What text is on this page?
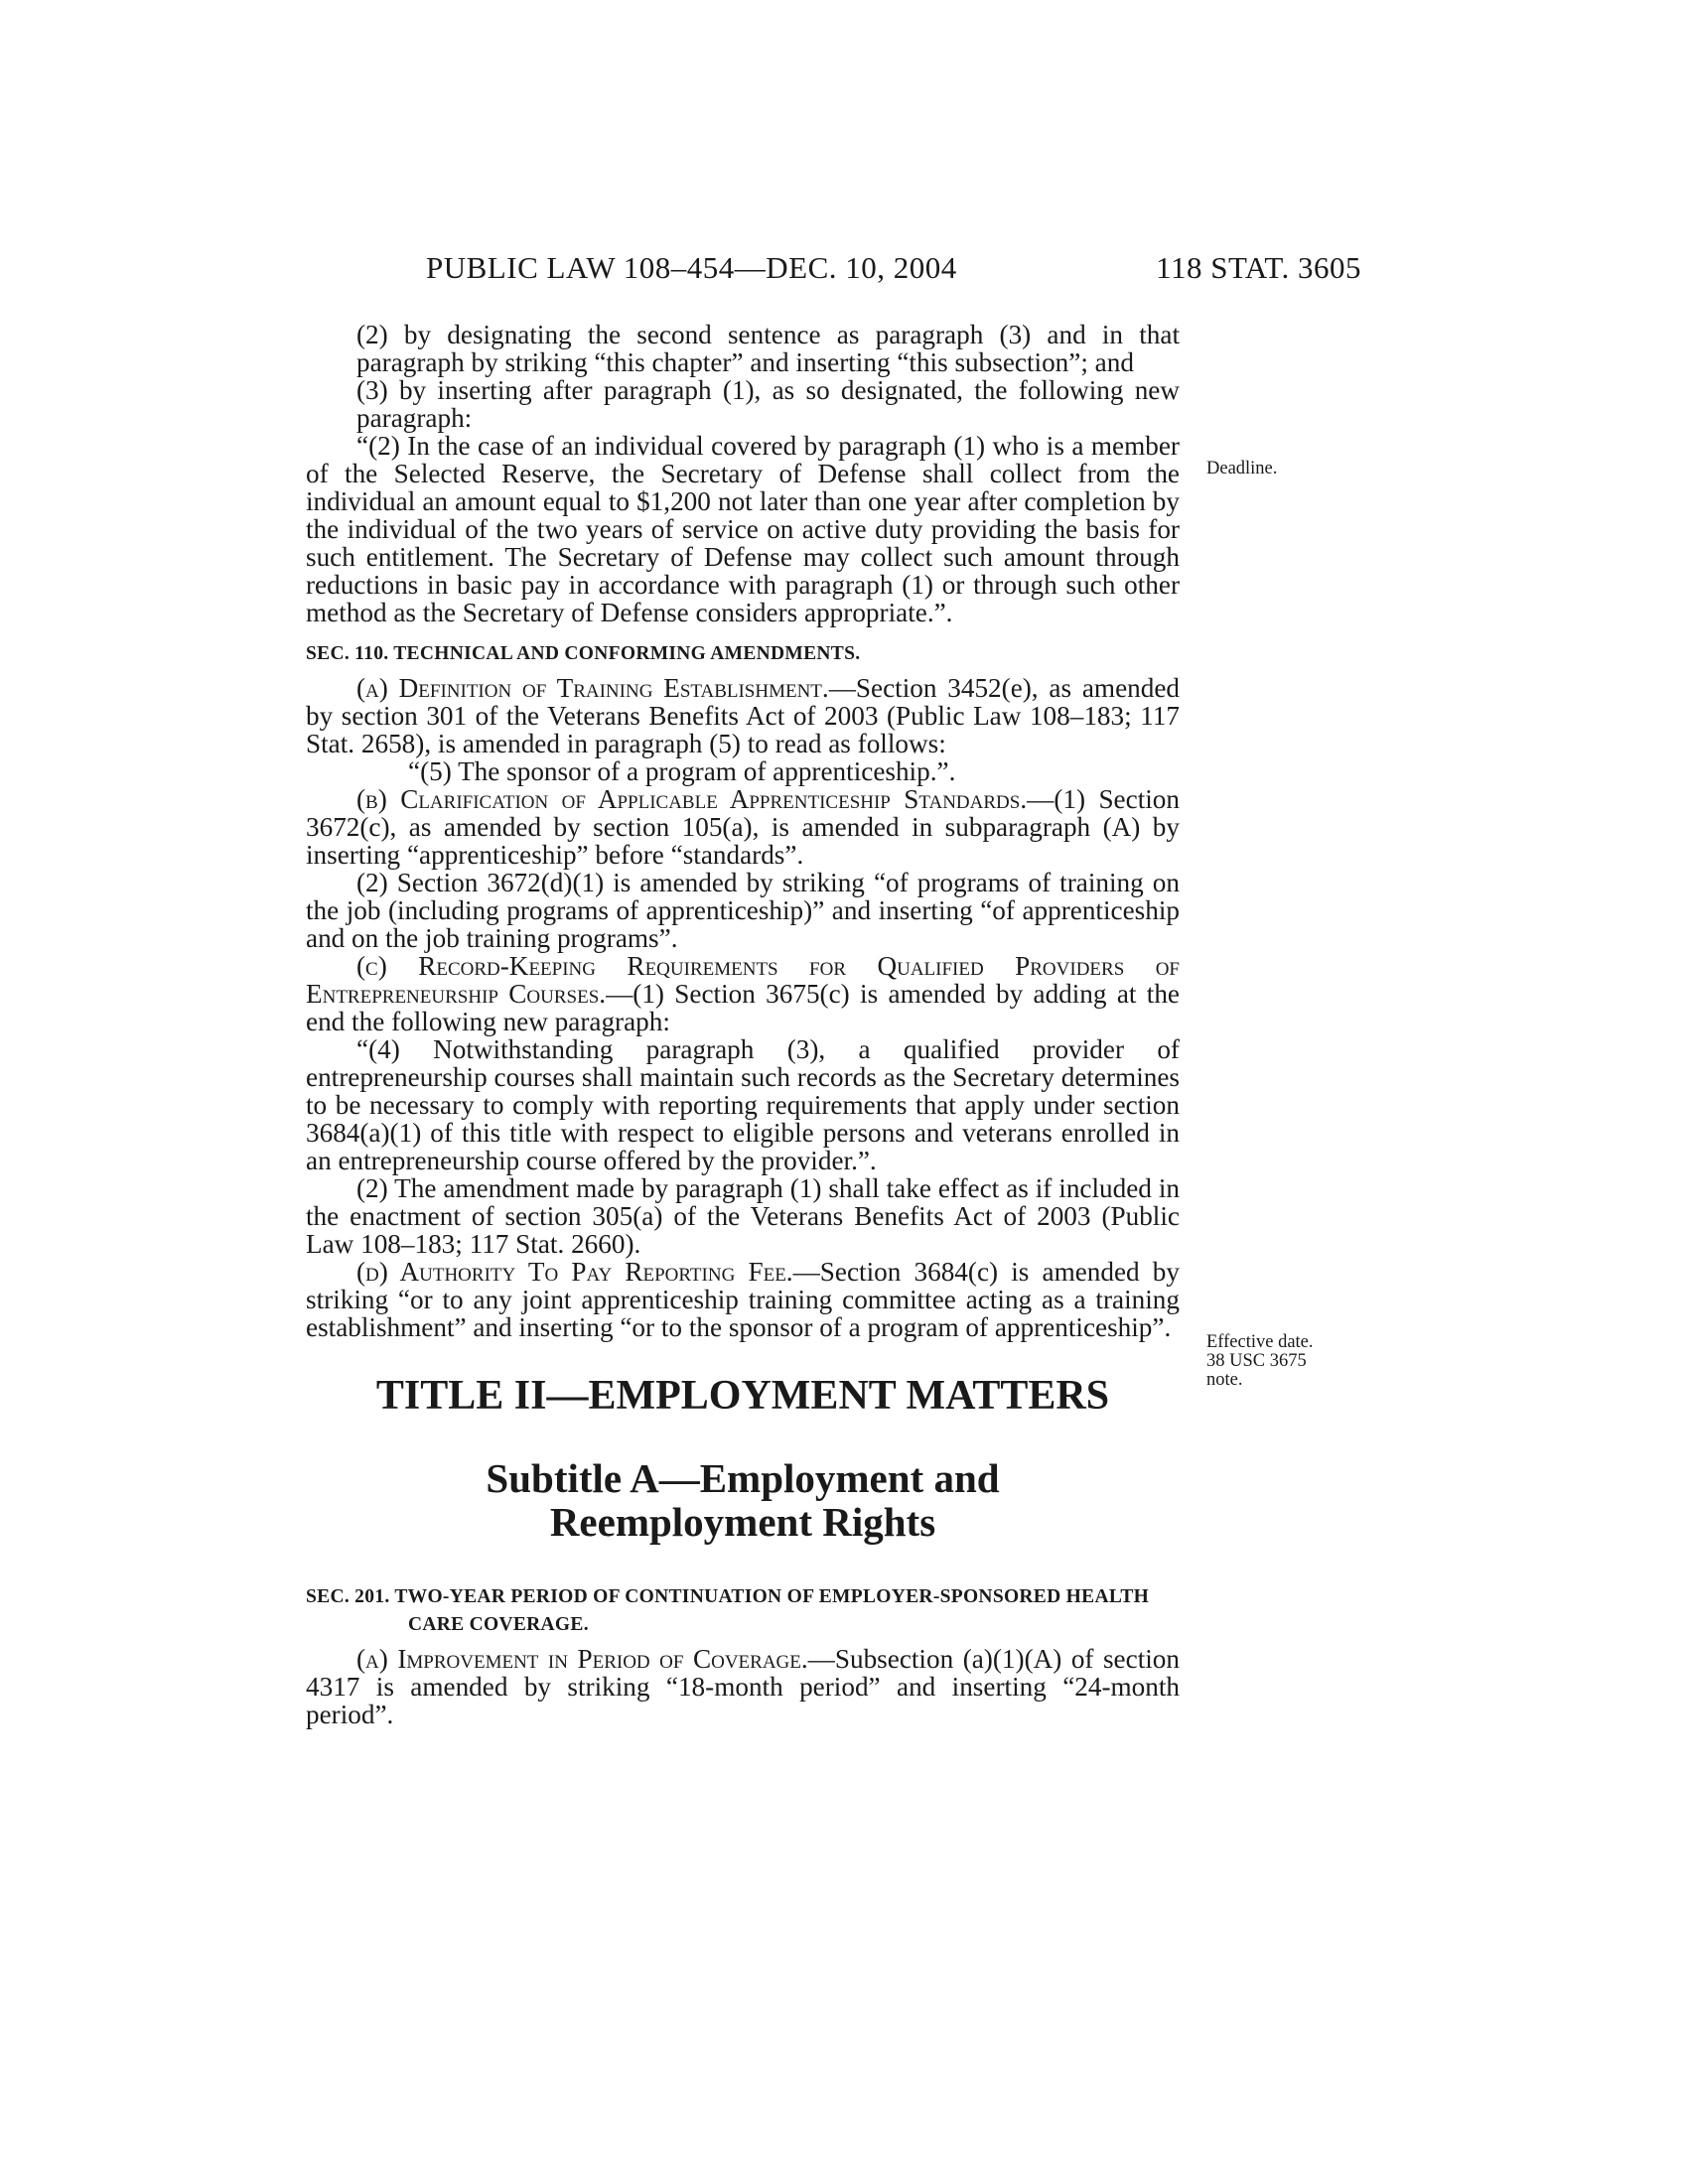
PUBLIC LAW 108–454—DEC. 10, 2004	118 STAT. 3605
Deadline.
Effective date.
38 USC 3675
note.

(2) by designating the second sentence as paragraph (3) and in that paragraph by striking “this chapter” and inserting “this subsection”; and

(3) by inserting after paragraph (1), as so designated, the following new paragraph:

“(2) In the case of an individual covered by paragraph (1) who is a member of the Selected Reserve, the Secretary of Defense shall collect from the individual an amount equal to $1,200 not later than one year after completion by the individual of the two years of service on active duty providing the basis for such entitlement. The Secretary of Defense may collect such amount through reductions in basic pay in accordance with paragraph (1) or through such other method as the Secretary of Defense considers appropriate.”.

SEC. 110. TECHNICAL AND CONFORMING AMENDMENTS.

(a) Definition of Training Establishment.—Section 3452(e), as amended by section 301 of the Veterans Benefits Act of 2003 (Public Law 108–183; 117 Stat. 2658), is amended in paragraph (5) to read as follows:

“(5) The sponsor of a program of apprenticeship.”.

(b) Clarification of Applicable Apprenticeship Standards.—(1) Section 3672(c), as amended by section 105(a), is amended in subparagraph (A) by inserting “apprenticeship” before “standards”.

(2) Section 3672(d)(1) is amended by striking “of programs of training on the job (including programs of apprenticeship)” and inserting “of apprenticeship and on the job training programs”.

(c) Record-Keeping Requirements for Qualified Providers of Entrepreneurship Courses.—(1) Section 3675(c) is amended by adding at the end the following new paragraph:

“(4) Notwithstanding paragraph (3), a qualified provider of entrepreneurship courses shall maintain such records as the Secretary determines to be necessary to comply with reporting requirements that apply under section 3684(a)(1) of this title with respect to eligible persons and veterans enrolled in an entrepreneurship course offered by the provider.”.

(2) The amendment made by paragraph (1) shall take effect as if included in the enactment of section 305(a) of the Veterans Benefits Act of 2003 (Public Law 108–183; 117 Stat. 2660).

(d) Authority To Pay Reporting Fee.—Section 3684(c) is amended by striking “or to any joint apprenticeship training committee acting as a training establishment” and inserting “or to the sponsor of a program of apprenticeship”.

TITLE II—EMPLOYMENT MATTERS

Subtitle A—Employment and
Reemployment Rights

SEC. 201. TWO-YEAR PERIOD OF CONTINUATION OF EMPLOYER-SPONSORED HEALTH CARE COVERAGE.

(a) Improvement in Period of Coverage.—Subsection (a)(1)(A) of section 4317 is amended by striking “18-month period” and inserting “24-month period”.
